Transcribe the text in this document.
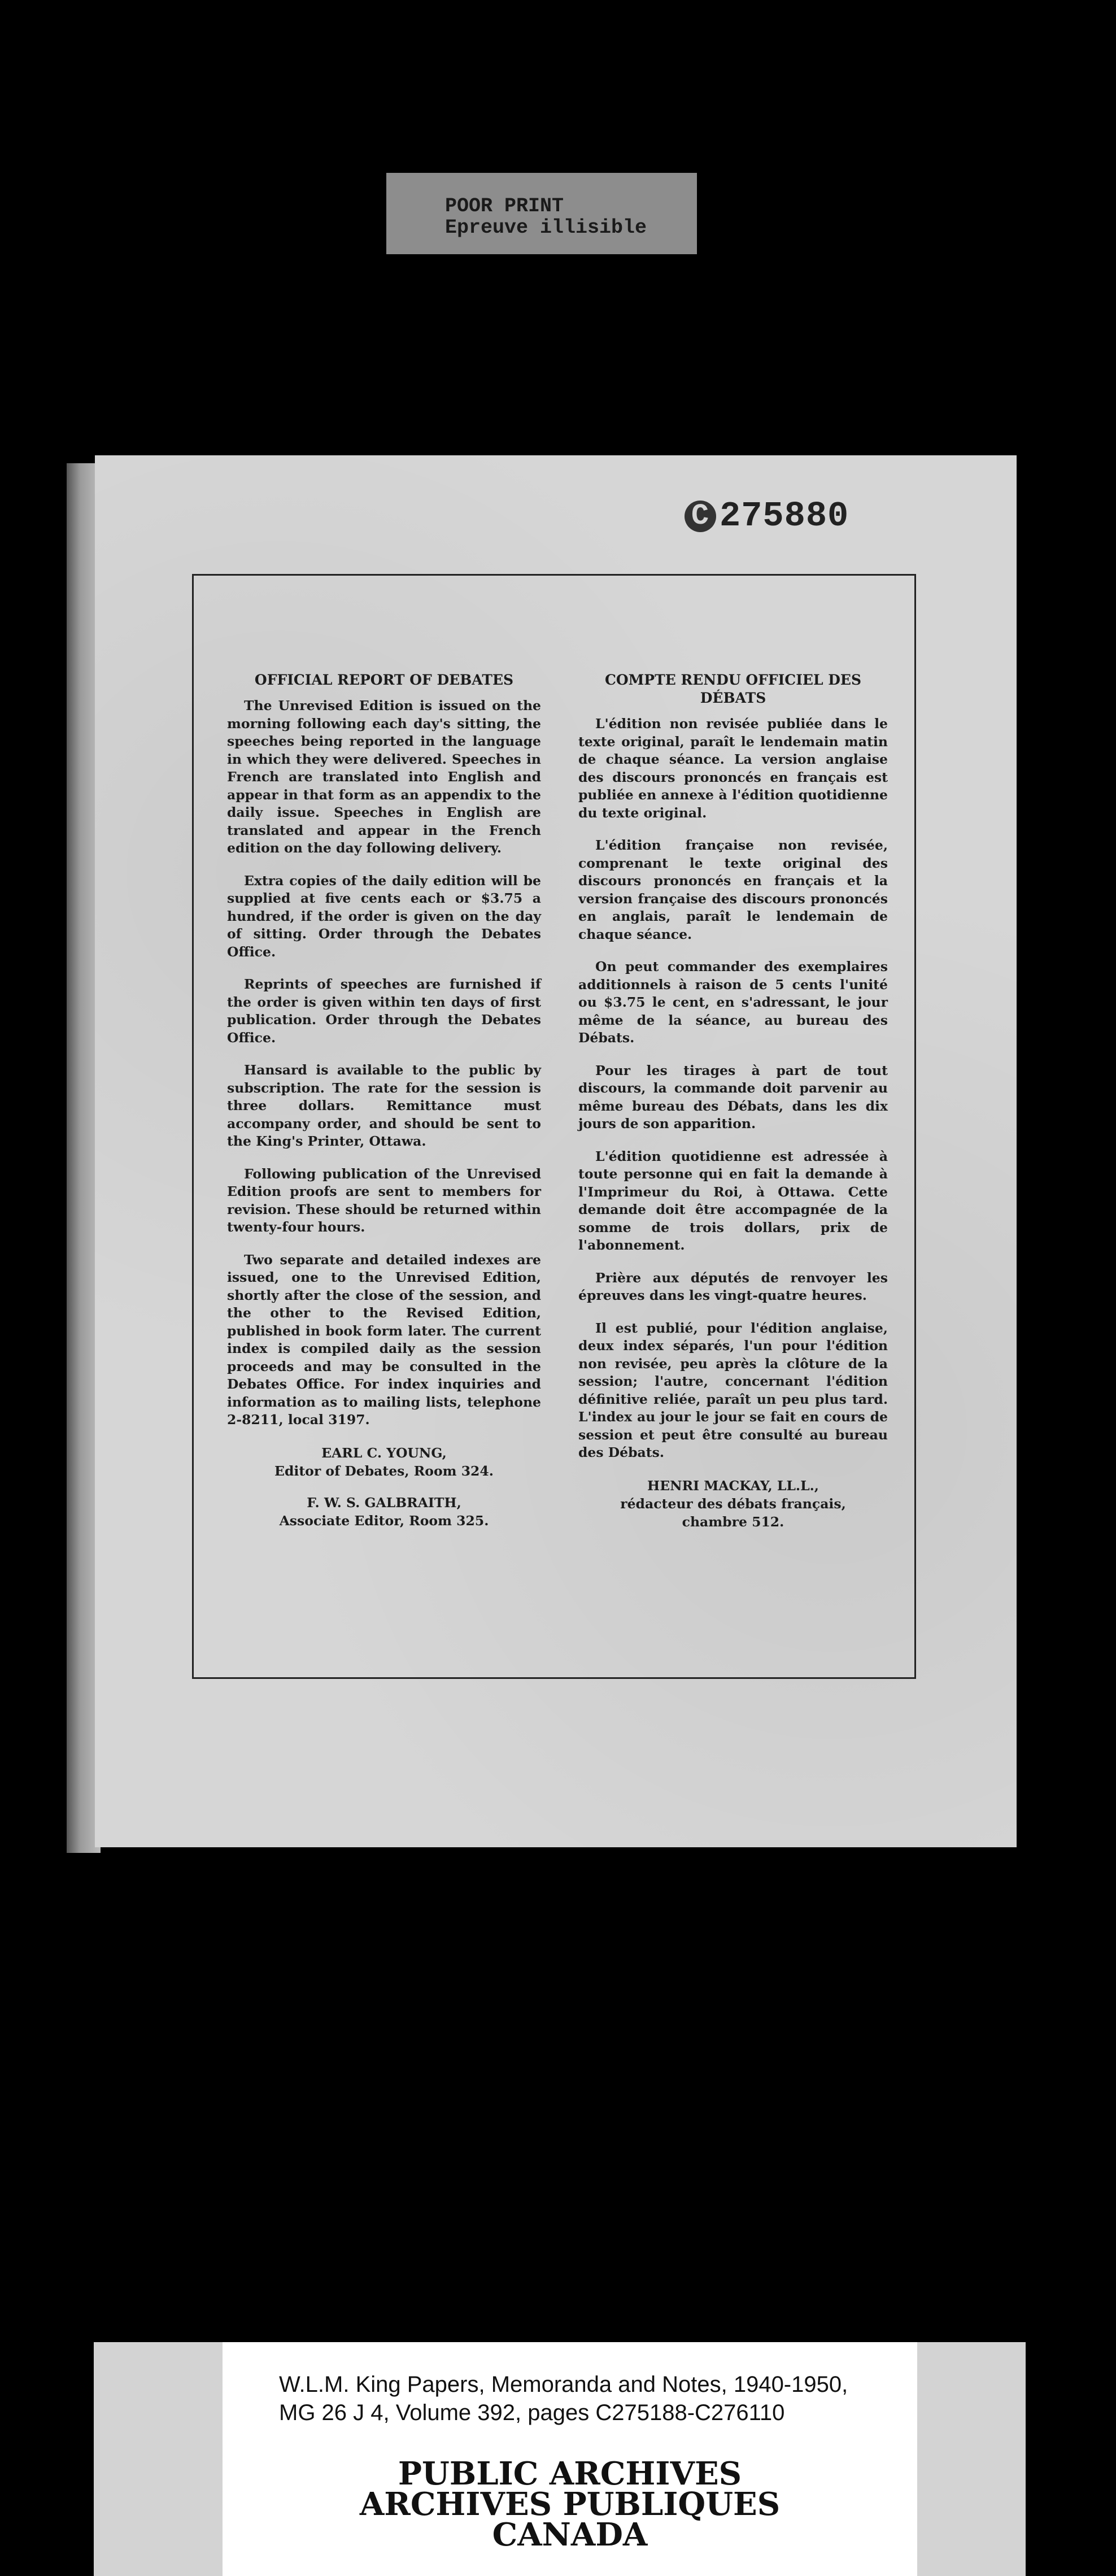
POOR PRINT
Epreuve illisible
C 275880
OFFICIAL REPORT OF DEBATES

The Unrevised Edition is issued on the morning following each day's sitting, the speeches being reported in the language in which they were delivered. Speeches in French are translated into English and appear in that form as an appendix to the daily issue. Speeches in English are translated and appear in the French edition on the day following delivery.

Extra copies of the daily edition will be supplied at five cents each or $3.75 a hundred, if the order is given on the day of sitting. Order through the Debates Office.

Reprints of speeches are furnished if the order is given within ten days of first publication. Order through the Debates Office.

Hansard is available to the public by subscription. The rate for the session is three dollars. Remittance must accompany order, and should be sent to the King's Printer, Ottawa.

Following publication of the Unrevised Edition proofs are sent to members for revision. These should be returned within twenty-four hours.

Two separate and detailed indexes are issued, one to the Unrevised Edition, shortly after the close of the session, and the other to the Revised Edition, published in book form later. The current index is compiled daily as the session proceeds and may be consulted in the Debates Office. For index inquiries and information as to mailing lists, telephone 2-8211, local 3197.

EARL C. YOUNG,
Editor of Debates, Room 324.
F. W. S. GALBRAITH,
Associate Editor, Room 325.
COMPTE RENDU OFFICIEL DES DÉBATS

L'édition non revisée publiée dans le texte original, paraît le lendemain matin de chaque séance. La version anglaise des discours prononcés en français est publiée en annexe à l'édition quotidienne du texte original.

L'édition française non revisée, comprenant le texte original des discours prononcés en français et la version française des discours prononcés en anglais, paraît le lendemain de chaque séance.

On peut commander des exemplaires additionnels à raison de 5 cents l'unité ou $3.75 le cent, en s'adressant, le jour même de la séance, au bureau des Débats.

Pour les tirages à part de tout discours, la commande doit parvenir au même bureau des Débats, dans les dix jours de son apparition.

L'édition quotidienne est adressée à toute personne qui en fait la demande à l'Imprimeur du Roi, à Ottawa. Cette demande doit être accompagnée de la somme de trois dollars, prix de l'abonnement.

Prière aux députés de renvoyer les épreuves dans les vingt-quatre heures.

Il est publié, pour l'édition anglaise, deux index séparés, l'un pour l'édition non revisée, peu après la clôture de la session; l'autre, concernant l'édition définitive reliée, paraît un peu plus tard. L'index au jour le jour se fait en cours de session et peut être consulté au bureau des Débats.

HENRI MACKAY, LL.L.,
rédacteur des débats français,
chambre 512.
W.L.M. King Papers, Memoranda and Notes, 1940-1950,
MG 26 J 4, Volume 392, pages C275188-C276110
PUBLIC ARCHIVES
ARCHIVES PUBLIQUES
CANADA
